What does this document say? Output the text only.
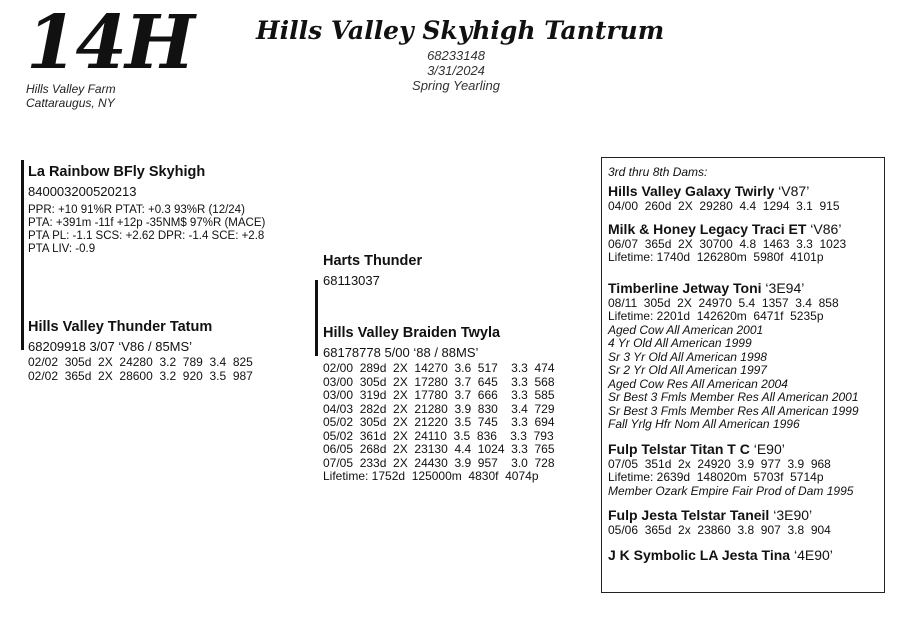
14H
Hills Valley Farm
Cattaraugus, NY
Hills Valley Skyhigh Tantrum
68233148
3/31/2024
Spring Yearling
La Rainbow BFly Skyhigh
840003200520213
PPR: +10 91%R PTAT: +0.3 93%R (12/24)
PTA: +391m -11f +12p -35NM$ 97%R (MACE)
PTA PL: -1.1 SCS: +2.62 DPR: -1.4 SCE: +2.8
PTA LIV: -0.9
Hills Valley Thunder Tatum
68209918 3/07 ‘V86 / 85MS’
02/02  305d  2X  24280  3.2  789  3.4  825
02/02  365d  2X  28600  3.2  920  3.5  987
Harts Thunder
68113037
Hills Valley Braiden Twyla
68178778 5/00 ‘88 / 88MS’
02/00  289d  2X  14270  3.6  517    3.3  474
03/00  305d  2X  17280  3.7  645    3.3  568
03/00  319d  2X  17780  3.7  666    3.3  585
04/03  282d  2X  21280  3.9  830    3.4  729
05/02  305d  2X  21220  3.5  745    3.3  694
05/02  361d  2X  24110  3.5  836    3.3  793
06/05  268d  2X  23130  4.4  1024  3.3  765
07/05  233d  2X  24430  3.9  957    3.0  728
Lifetime: 1752d  125000m  4830f  4074p
3rd thru 8th Dams:
Hills Valley Galaxy Twirly ‘V87’
04/00  260d  2X  29280  4.4  1294  3.1  915
Milk & Honey Legacy Traci ET ‘V86’
06/07  365d  2X  30700  4.8  1463  3.3  1023
Lifetime: 1740d  126280m  5980f  4101p
Timberline Jetway Toni ‘3E94’
08/11  305d  2X  24970  5.4  1357  3.4  858
Lifetime: 2201d  142620m  6471f  5235p
Aged Cow All American 2001
4 Yr Old All American 1999
Sr 3 Yr Old All American 1998
Sr 2 Yr Old All American 1997
Aged Cow Res All American 2004
Sr Best 3 Fmls Member Res All American 2001
Sr Best 3 Fmls Member Res All American 1999
Fall Yrlg Hfr Nom All American 1996
Fulp Telstar Titan T C ‘E90’
07/05  351d  2x  24920  3.9  977  3.9  968
Lifetime: 2639d  148020m  5703f  5714p
Member Ozark Empire Fair Prod of Dam 1995
Fulp Jesta Telstar Taneil ‘3E90’
05/06  365d  2x  23860  3.8  907  3.8  904
J K Symbolic LA Jesta Tina ‘4E90’
